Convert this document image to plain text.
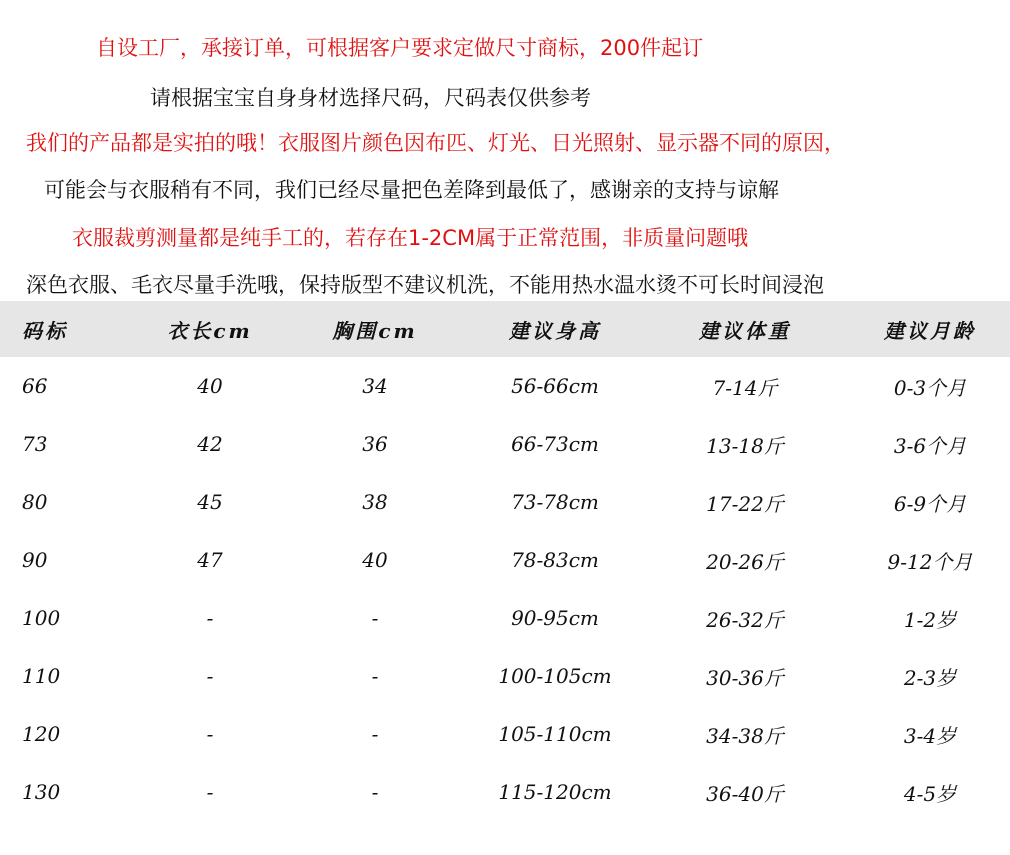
自设工厂，承接订单，可根据客户要求定做尺寸商标，200件起订
请根据宝宝自身身材选择尺码，尺码表仅供参考
我们的产品都是实拍的哦！衣服图片颜色因布匹、灯光、日光照射、显示器不同的原因，
可能会与衣服稍有不同，我们已经尽量把色差降到最低了，感谢亲的支持与谅解
衣服裁剪测量都是纯手工的，若存在1-2CM属于正常范围，非质量问题哦
深色衣服、毛衣尽量手洗哦，保持版型不建议机洗，不能用热水温水烫不可长时间浸泡
码标	衣长cm	胸围cm	建议身高	建议体重	建议月龄
66	40	34	56-66cm	7-14斤	0-3个月
73	42	36	66-73cm	13-18斤	3-6个月
80	45	38	73-78cm	17-22斤	6-9个月
90	47	40	78-83cm	20-26斤	9-12个月
100	-	-	90-95cm	26-32斤	1-2岁
110	-	-	100-105cm	30-36斤	2-3岁
120	-	-	105-110cm	34-38斤	3-4岁
130	-	-	115-120cm	36-40斤	4-5岁
